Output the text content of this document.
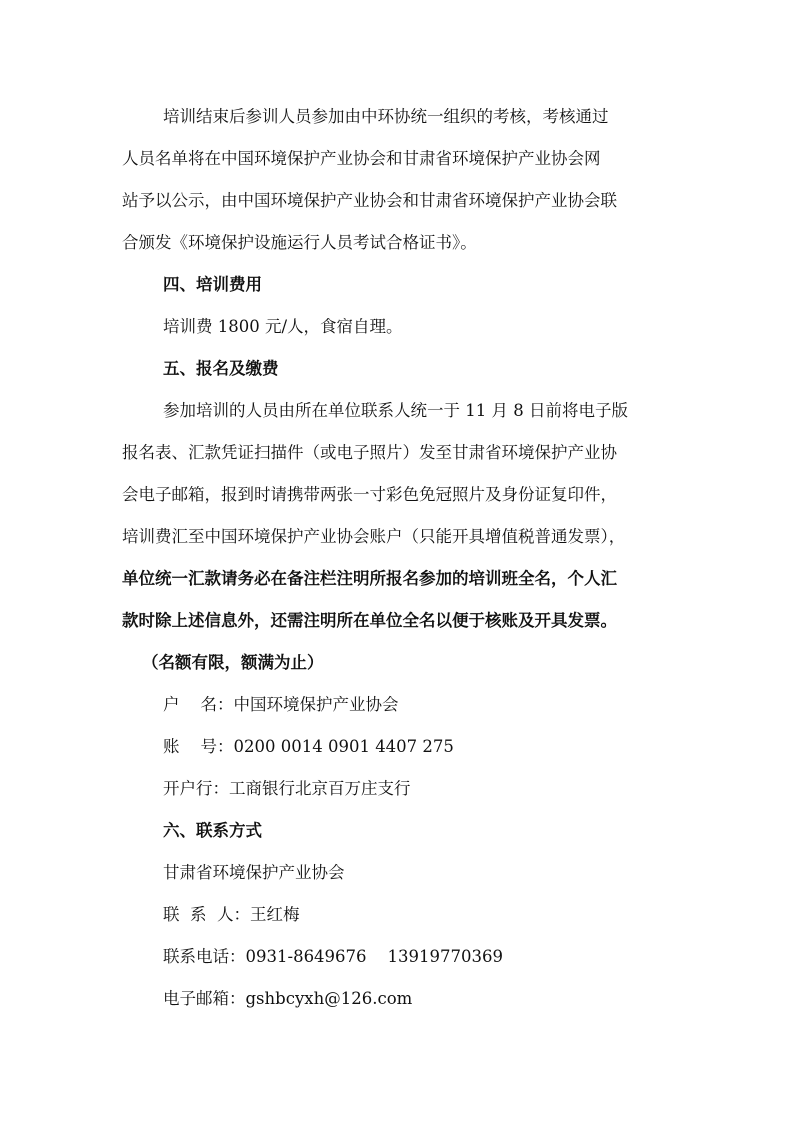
培训结束后参训人员参加由中环协统一组织的考核，考核通过
人员名单将在中国环境保护产业协会和甘肃省环境保护产业协会网
站予以公示，由中国环境保护产业协会和甘肃省环境保护产业协会联
合颁发《环境保护设施运行人员考试合格证书》。
四、培训费用
培训费 1800 元/人，食宿自理。
五、报名及缴费
参加培训的人员由所在单位联系人统一于 11 月 8 日前将电子版
报名表、汇款凭证扫描件（或电子照片）发至甘肃省环境保护产业协
会电子邮箱，报到时请携带两张一寸彩色免冠照片及身份证复印件，
培训费汇至中国环境保护产业协会账户（只能开具增值税普通发票），
单位统一汇款请务必在备注栏注明所报名参加的培训班全名，个人汇
款时除上述信息外，还需注明所在单位全名以便于核账及开具发票。
（名额有限，额满为止）
户    名：中国环境保护产业协会
账    号：0200 0014 0901 4407 275
开户行：工商银行北京百万庄支行
六、联系方式
甘肃省环境保护产业协会
联  系  人：王红梅
联系电话：0931-8649676    13919770369
电子邮箱：gshbcyxh@126.com
